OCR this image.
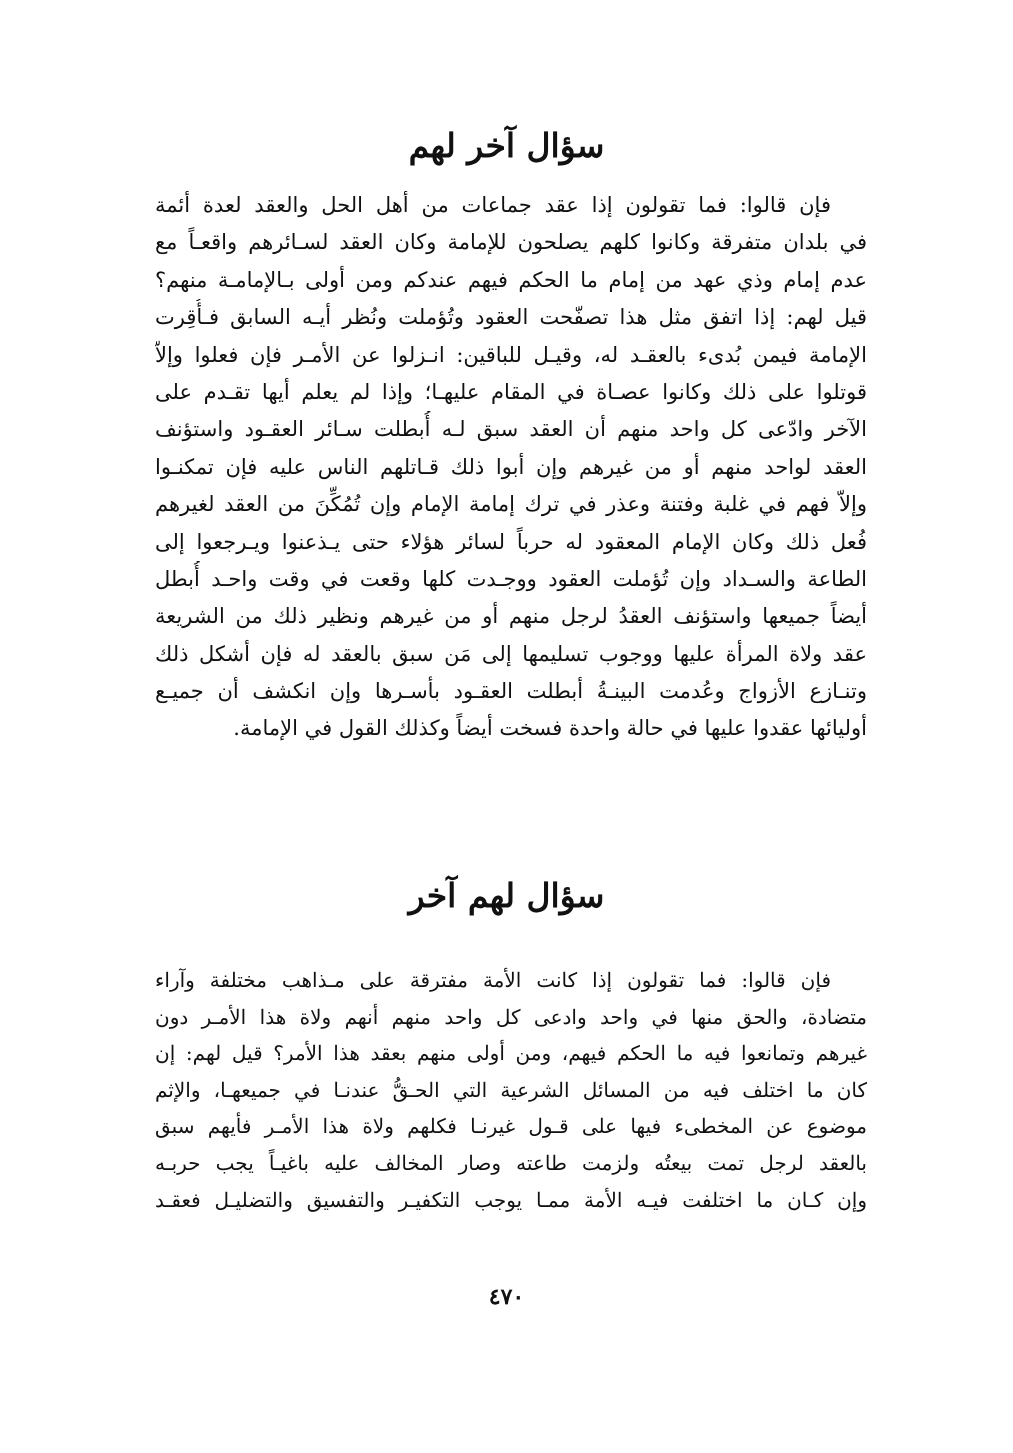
سؤال آخر لهم
فإن قالوا: فما تقولون إذا عقد جماعات من أهل الحل والعقد لعدة أئمة
في بلدان متفرقة وكانوا كلهم يصلحون للإمامة وكان العقد لسـائرهم واقعـاً مع
عدم إمام وذي عهد من إمام ما الحكم فيهم عندكم ومن أولى بـالإمامـة منهم؟
قيل لهم: إذا اتفق مثل هذا تصفّحت العقود وتُؤملت ونُظر أيـه السابق فـأُقِرت
الإمامة فيمن بُدىء بالعقـد له، وقيـل للباقين: انـزلوا عن الأمـر فإن فعلوا وإلاّ
قوتلوا على ذلك وكانوا عصـاة في المقام عليهـا؛ وإذا لم يعلم أيها تقـدم على
الآخر وادّعى كل واحد منهم أن العقد سبق لـه أُبطلت سـائر العقـود واستؤنف
العقد لواحد منهم أو من غيرهم وإن أبوا ذلك قـاتلهم الناس عليه فإن تمكنـوا
وإلاّ فهم في غلبة وفتنة وعذر في ترك إمامة الإمام وإن تُمُكِّنَ من العقد لغيرهم
فُعل ذلك وكان الإمام المعقود له حرباً لسائر هؤلاء حتى يـذعنوا ويـرجعوا إلى
الطاعة والسـداد وإن تُؤملت العقود ووجـدت كلها وقعت في وقت واحـد أُبطل
أيضاً جميعها واستؤنف العقدُ لرجل منهم أو من غيرهم ونظير ذلك من الشريعة
عقد ولاة المرأة عليها ووجوب تسليمها إلى مَن سبق بالعقد له فإن أشكل ذلك
وتنـازع الأزواج وعُدمت البينـةُ أبطلت العقـود بأسـرها وإن انكشف أن جميـع
أوليائها عقدوا عليها في حالة واحدة فسخت أيضاً وكذلك القول في الإمامة.
سؤال لهم آخر
فإن قالوا: فما تقولون إذا كانت الأمة مفترقة على مـذاهب مختلفة وآراء
متضادة، والحق منها في واحد وادعى كل واحد منهم أنهم ولاة هذا الأمـر دون
غيرهم وتمانعوا فيه ما الحكم فيهم، ومن أولى منهم بعقد هذا الأمر؟ قيل لهم: إن
كان ما اختلف فيه من المسائل الشرعية التي الحـقُّ عندنـا في جميعهـا، والإثم
موضوع عن المخطىء فيها على قـول غيرنـا فكلهم ولاة هذا الأمـر فأيهم سبق
بالعقد لرجل تمت بيعتُه ولزمت طاعته وصار المخالف عليه باغيـاً يجب حربـه
وإن كـان ما اختلفت فيـه الأمة ممـا يوجب التكفيـر والتفسيق والتضليـل فعقـد
٤٧٠
